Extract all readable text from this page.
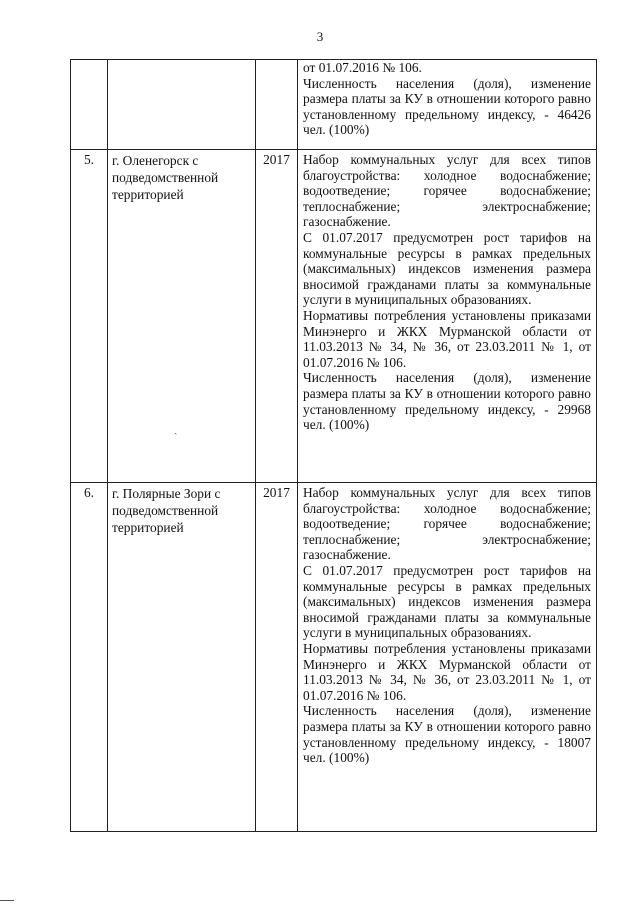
3

			от 01.07.2016 № 106.

Численность населения (доля), изменение размера платы за КУ в отношении которого равно установленному предельному индексу, - 46426 чел. (100%)

5.	г. Оленегорск с подведомственной территорией	2017	Набор коммунальных услуг для всех типов благоустройства: холодное водоснабжение; водоотведение; горячее водоснабжение; теплоснабжение; электроснабжение; газоснабжение.

С 01.07.2017 предусмотрен рост тарифов на коммунальные ресурсы в рамках предельных (максимальных) индексов изменения размера вносимой гражданами платы за коммунальные услуги в муниципальных образованиях.

Нормативы потребления установлены приказами Минэнерго и ЖКХ Мурманской области от 11.03.2013 № 34, № 36, от 23.03.2011 № 1, от 01.07.2016 № 106.

Численность населения (доля), изменение размера платы за КУ в отношении которого равно установленному предельному индексу, - 29968 чел. (100%)

6.	г. Полярные Зори с подведомственной территорией	2017	Набор коммунальных услуг для всех типов благоустройства: холодное водоснабжение; водоотведение; горячее водоснабжение; теплоснабжение; электроснабжение; газоснабжение.

С 01.07.2017 предусмотрен рост тарифов на коммунальные ресурсы в рамках предельных (максимальных) индексов изменения размера вносимой гражданами платы за коммунальные услуги в муниципальных образованиях.

Нормативы потребления установлены приказами Минэнерго и ЖКХ Мурманской области от 11.03.2013 № 34, № 36, от 23.03.2011 № 1, от 01.07.2016 № 106.

Численность населения (доля), изменение размера платы за КУ в отношении которого равно установленному предельному индексу, - 18007 чел. (100%)

ˎ
